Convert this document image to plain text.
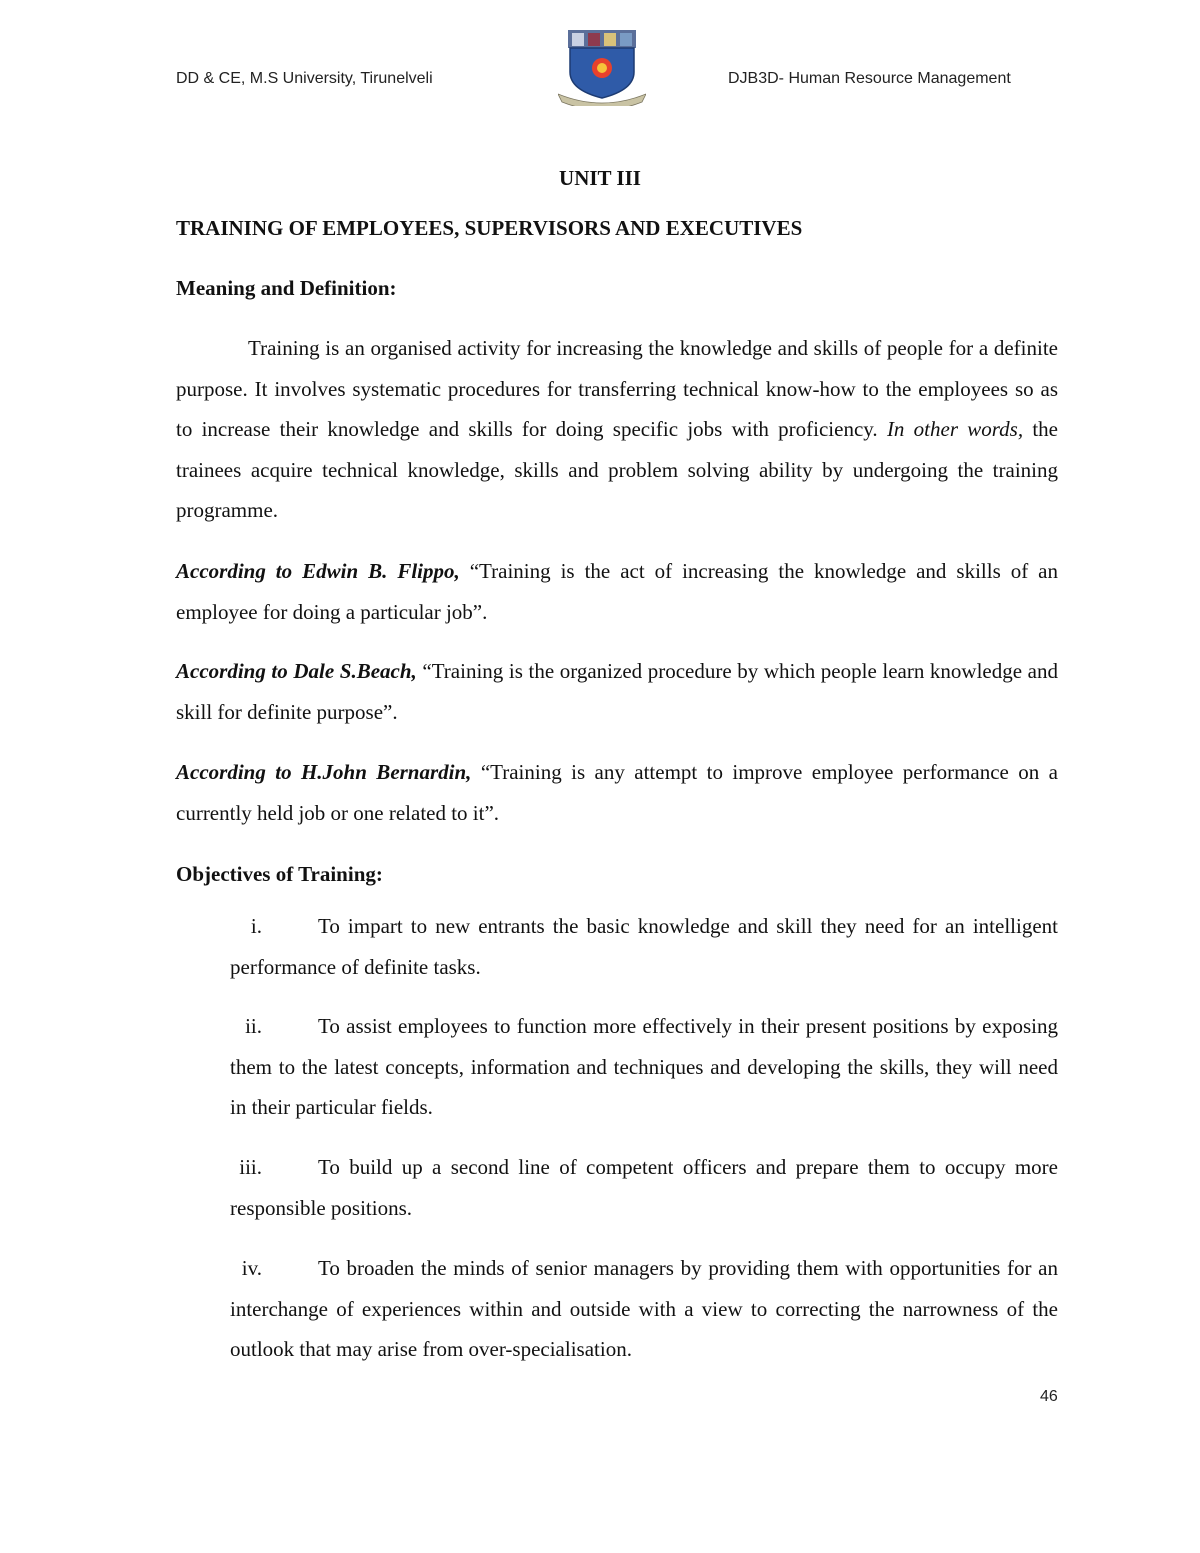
DD & CE, M.S University, Tirunelveli	DJB3D- Human Resource Management
UNIT III
TRAINING OF EMPLOYEES, SUPERVISORS AND EXECUTIVES
Meaning and Definition:

Training is an organised activity for increasing the knowledge and skills of people for a definite purpose. It involves systematic procedures for transferring technical know-how to the employees so as to increase their knowledge and skills for doing specific jobs with proficiency. In other words, the trainees acquire technical knowledge, skills and problem solving ability by undergoing the training programme.

According to Edwin B. Flippo, “Training is the act of increasing the knowledge and skills of an employee for doing a particular job”.

According to Dale S.Beach, “Training is the organized procedure by which people learn knowledge and skill for definite purpose”.

According to H.John Bernardin, “Training is any attempt to improve employee performance on a currently held job or one related to it”.

Objectives of Training:
i.	To impart to new entrants the basic knowledge and skill they need for an intelligent performance of definite tasks.
ii.	To assist employees to function more effectively in their present positions by exposing them to the latest concepts, information and techniques and developing the skills, they will need in their particular fields.
iii.	To build up a second line of competent officers and prepare them to occupy more responsible positions.
iv.	To broaden the minds of senior managers by providing them with opportunities for an interchange of experiences within and outside with a view to correcting the narrowness of the outlook that may arise from over-specialisation.
46
